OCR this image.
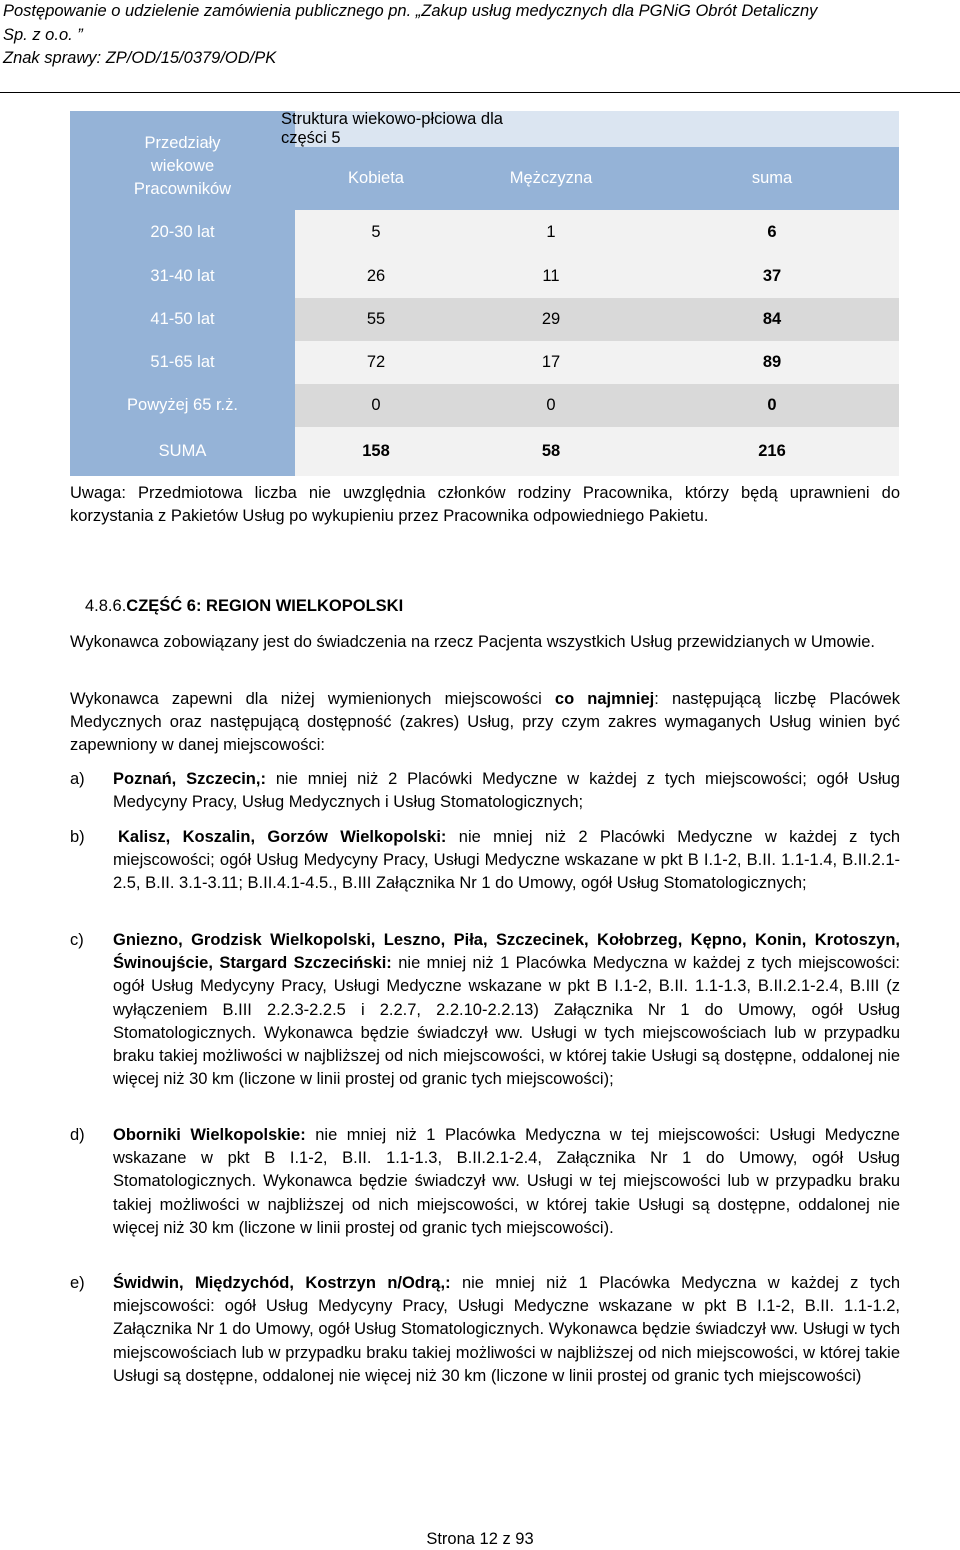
Postępowanie o udzielenie zamówienia publicznego pn. „Zakup usług medycznych dla PGNiG Obrót Detaliczny
Sp. z o.o. ”
Znak sprawy: ZP/OD/15/0379/OD/PK
Przedziały wiekowe Pracowników
Struktura wiekowo-płciowa dla części 5
Kobieta	Mężczyzna	suma
20-30 lat	5	1	6
31-40 lat	26	11	37
41-50 lat	55	29	84
51-65 lat	72	17	89
Powyżej 65 r.ż.	0	0	0
SUMA	158	58	216
Uwaga: Przedmiotowa liczba nie uwzględnia członków rodziny Pracownika, którzy będą uprawnieni do korzystania z Pakietów Usług po wykupieniu przez Pracownika odpowiedniego Pakietu.
4.8.6.CZĘŚĆ 6: REGION WIELKOPOLSKI
Wykonawca zobowiązany jest do świadczenia na rzecz Pacjenta wszystkich Usług przewidzianych w Umowie.
Wykonawca zapewni dla niżej wymienionych miejscowości co najmniej: następującą liczbę Placówek Medycznych oraz następującą dostępność (zakres) Usług, przy czym zakres wymaganych Usług winien być zapewniony w danej miejscowości:
a) Poznań, Szczecin,: nie mniej niż 2 Placówki Medyczne w każdej z tych miejscowości; ogół Usług Medycyny Pracy, Usług Medycznych i Usług Stomatologicznych;
b)	Kalisz, Koszalin, Gorzów Wielkopolski: nie mniej niż 2 Placówki Medyczne w każdej z tych miejscowości; ogół Usług Medycyny Pracy, Usługi Medyczne wskazane w pkt B I.1-2, B.II. 1.1-1.4, B.II.2.1-2.5, B.II. 3.1-3.11; B.II.4.1-4.5., B.III Załącznika Nr 1 do Umowy, ogół Usług Stomatologicznych;
c) Gniezno, Grodzisk Wielkopolski, Leszno, Piła, Szczecinek, Kołobrzeg, Kępno, Konin, Krotoszyn, Świnoujście, Stargard Szczeciński: nie mniej niż 1 Placówka Medyczna w każdej z tych miejscowości: ogół Usług Medycyny Pracy, Usługi Medyczne wskazane w pkt B I.1-2, B.II. 1.1-1.3, B.II.2.1-2.4, B.III (z wyłączeniem B.III 2.2.3-2.2.5 i 2.2.7, 2.2.10-2.2.13) Załącznika Nr 1 do Umowy, ogół Usług Stomatologicznych. Wykonawca będzie świadczył ww. Usługi w tych miejscowościach lub w przypadku braku takiej możliwości w najbliższej od nich miejscowości, w której takie Usługi są dostępne, oddalonej nie więcej niż 30 km (liczone w linii prostej od granic tych miejscowości);
d) Oborniki Wielkopolskie: nie mniej niż 1 Placówka Medyczna w tej miejscowości: Usługi Medyczne wskazane w pkt B I.1-2, B.II. 1.1-1.3, B.II.2.1-2.4, Załącznika Nr 1 do Umowy, ogół Usług Stomatologicznych. Wykonawca będzie świadczył ww. Usługi w tej miejscowości lub w przypadku braku takiej możliwości w najbliższej od nich miejscowości, w której takie Usługi są dostępne, oddalonej nie więcej niż 30 km (liczone w linii prostej od granic tych miejscowości).
e) Świdwin, Międzychód, Kostrzyn n/Odrą,: nie mniej niż 1 Placówka Medyczna w każdej z tych miejscowości: ogół Usług Medycyny Pracy, Usługi Medyczne wskazane w pkt B I.1-2, B.II. 1.1-1.2, Załącznika Nr 1 do Umowy, ogół Usług Stomatologicznych. Wykonawca będzie świadczył ww. Usługi w tych miejscowościach lub w przypadku braku takiej możliwości w najbliższej od nich miejscowości, w której takie Usługi są dostępne, oddalonej nie więcej niż 30 km (liczone w linii prostej od granic tych miejscowości)
Strona 12 z 93
